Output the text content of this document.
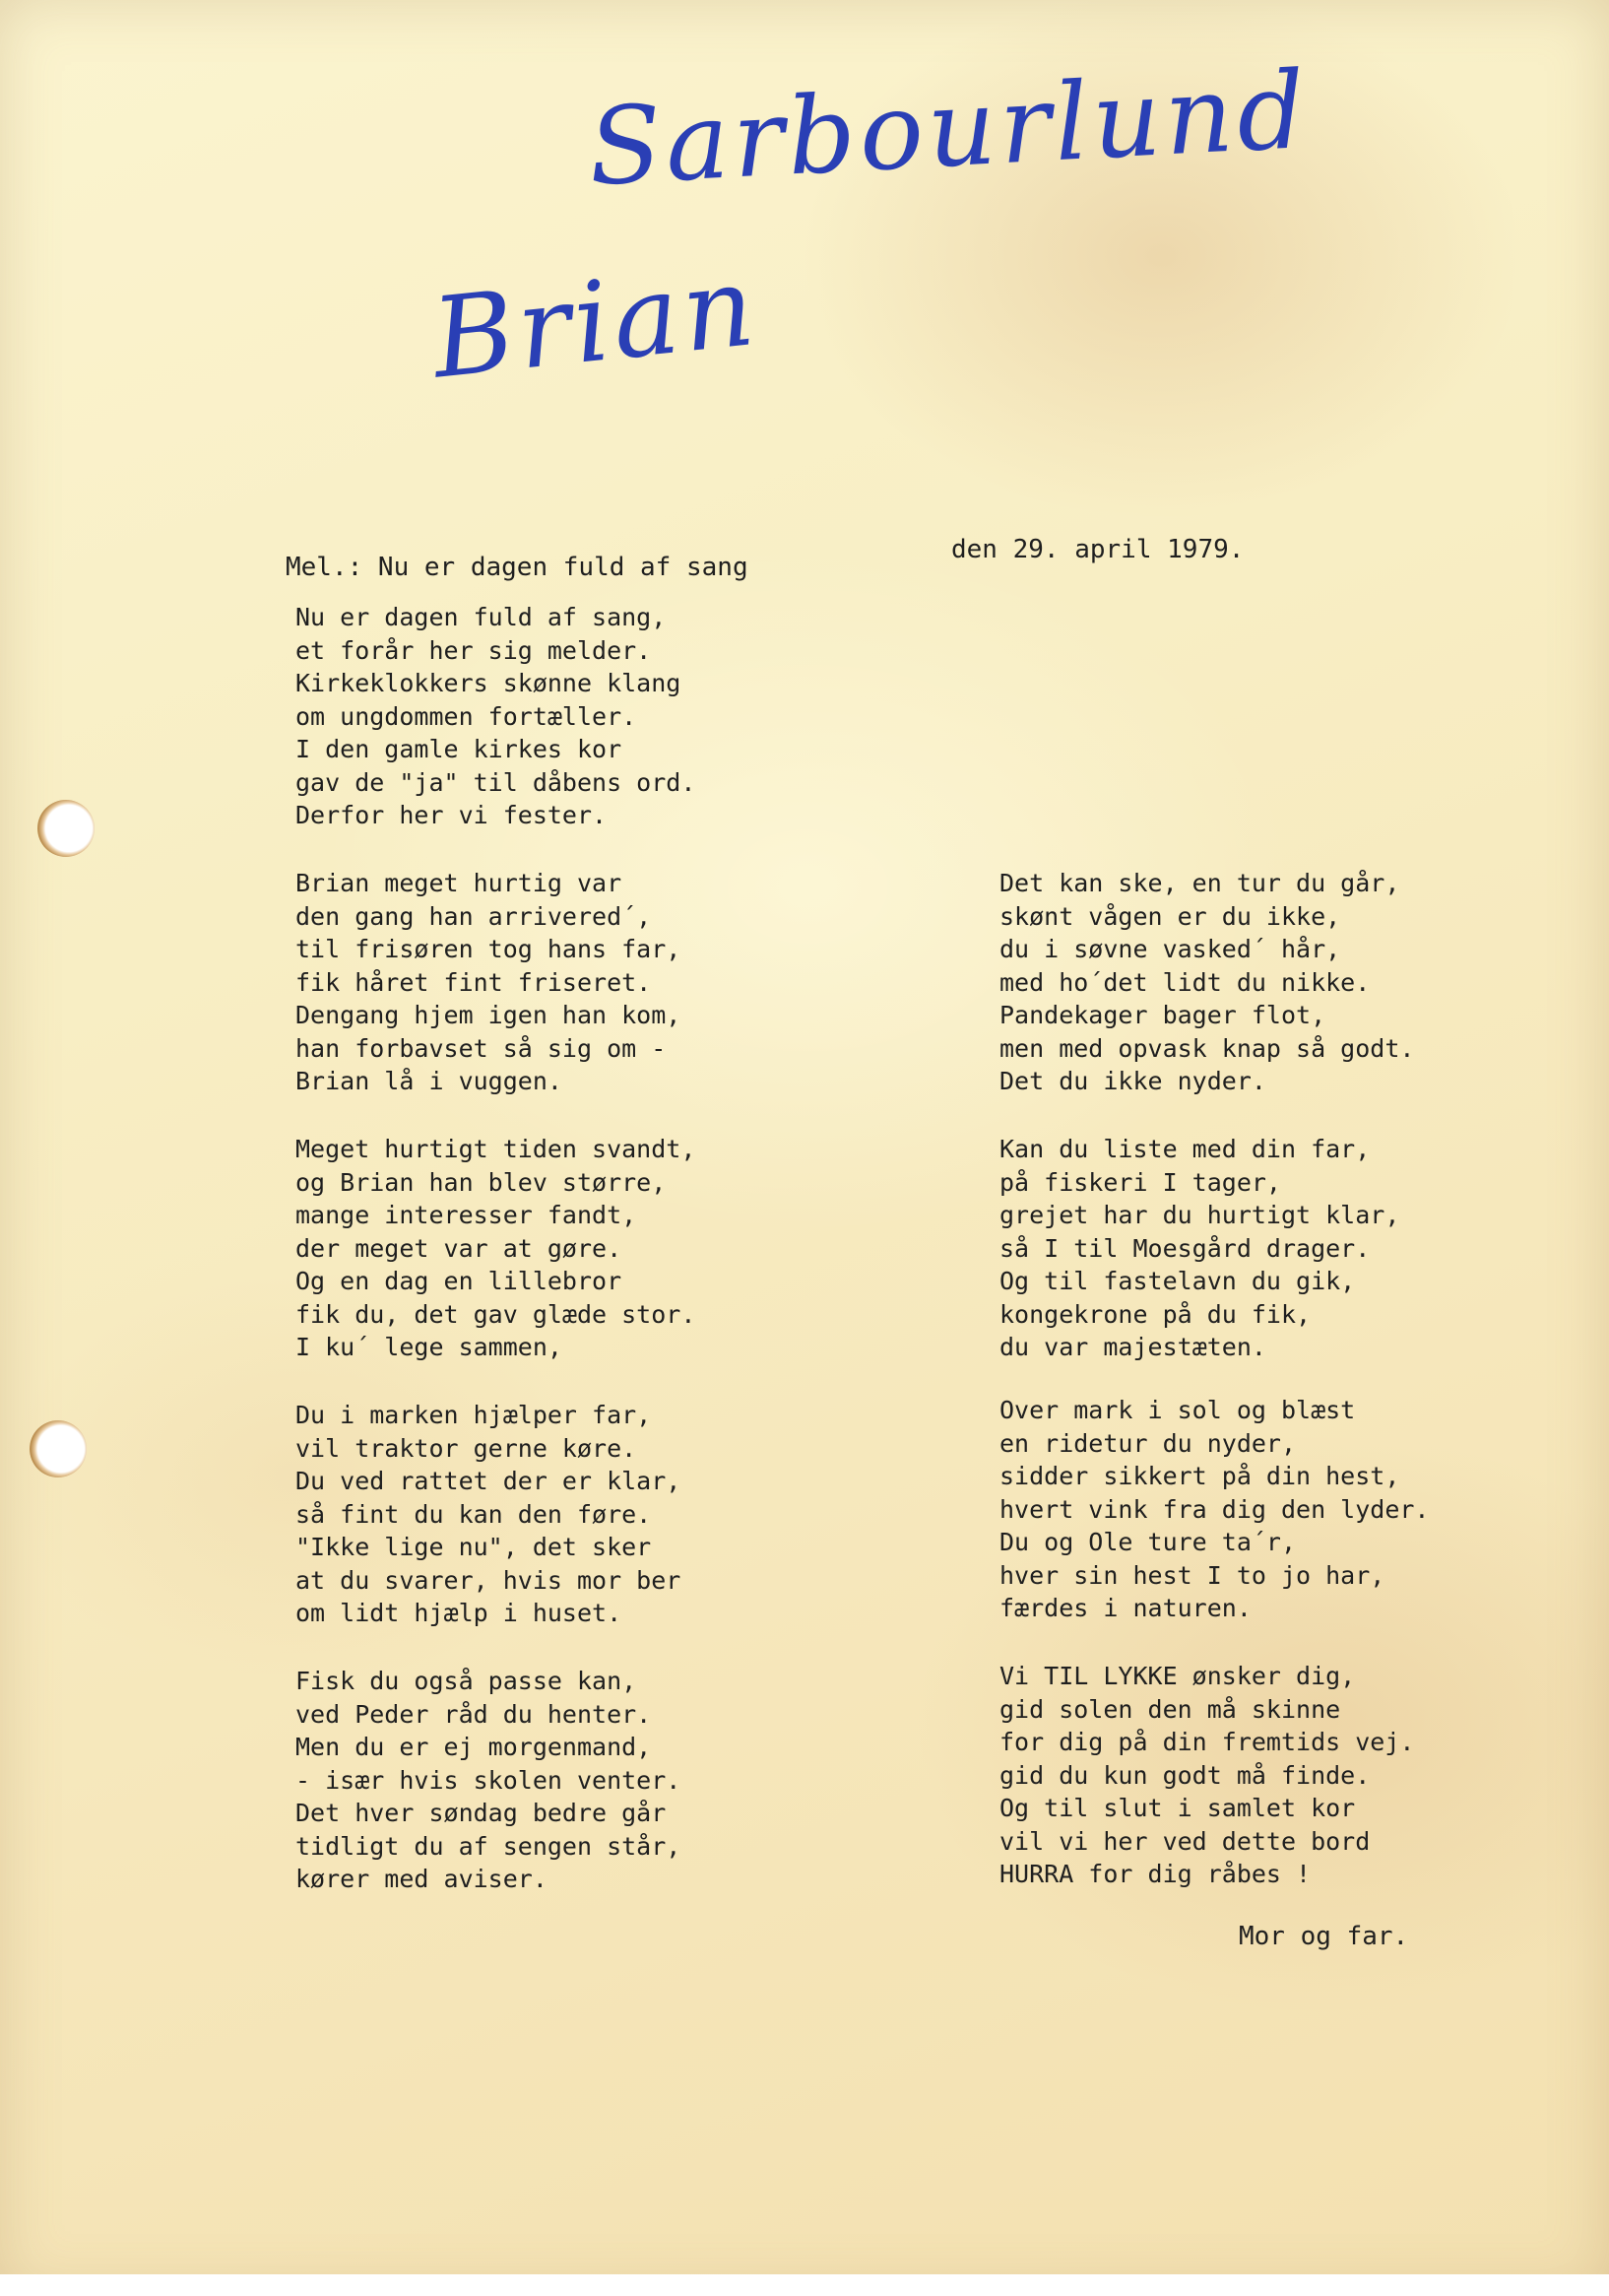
Sarbourlund
Brian
Mel.: Nu er dagen fuld af sang
den 29. april 1979.
Nu er dagen fuld af sang,
et forår her sig melder.
Kirkeklokkers skønne klang
om ungdommen fortæller.
I den gamle kirkes kor
gav de "ja" til dåbens ord.
Derfor her vi fester.
Brian meget hurtig var
den gang han arrivered´,
til frisøren tog hans far,
fik håret fint friseret.
Dengang hjem igen han kom,
han forbavset så sig om -
Brian lå i vuggen.
Meget hurtigt tiden svandt,
og Brian han blev større,
mange interesser fandt,
der meget var at gøre.
Og en dag en lillebror
fik du, det gav glæde stor.
I ku´ lege sammen,
Du i marken hjælper far,
vil traktor gerne køre.
Du ved rattet der er klar,
så fint du kan den føre.
"Ikke lige nu", det sker
at du svarer, hvis mor ber
om lidt hjælp i huset.
Fisk du også passe kan,
ved Peder råd du henter.
Men du er ej morgenmand,
- især hvis skolen venter.
Det hver søndag bedre går
tidligt du af sengen står,
kører med aviser.
Det kan ske, en tur du går,
skønt vågen er du ikke,
du i søvne vasked´ hår,
med ho´det lidt du nikke.
Pandekager bager flot,
men med opvask knap så godt.
Det du ikke nyder.
Kan du liste med din far,
på fiskeri I tager,
grejet har du hurtigt klar,
så I til Moesgård drager.
Og til fastelavn du gik,
kongekrone på du fik,
du var majestæten.
Over mark i sol og blæst
en ridetur du nyder,
sidder sikkert på din hest,
hvert vink fra dig den lyder.
Du og Ole ture ta´r,
hver sin hest I to jo har,
færdes i naturen.
Vi TIL LYKKE ønsker dig,
gid solen den må skinne
for dig på din fremtids vej.
gid du kun godt må finde.
Og til slut i samlet kor
vil vi her ved dette bord
HURRA for dig råbes !
Mor og far.
